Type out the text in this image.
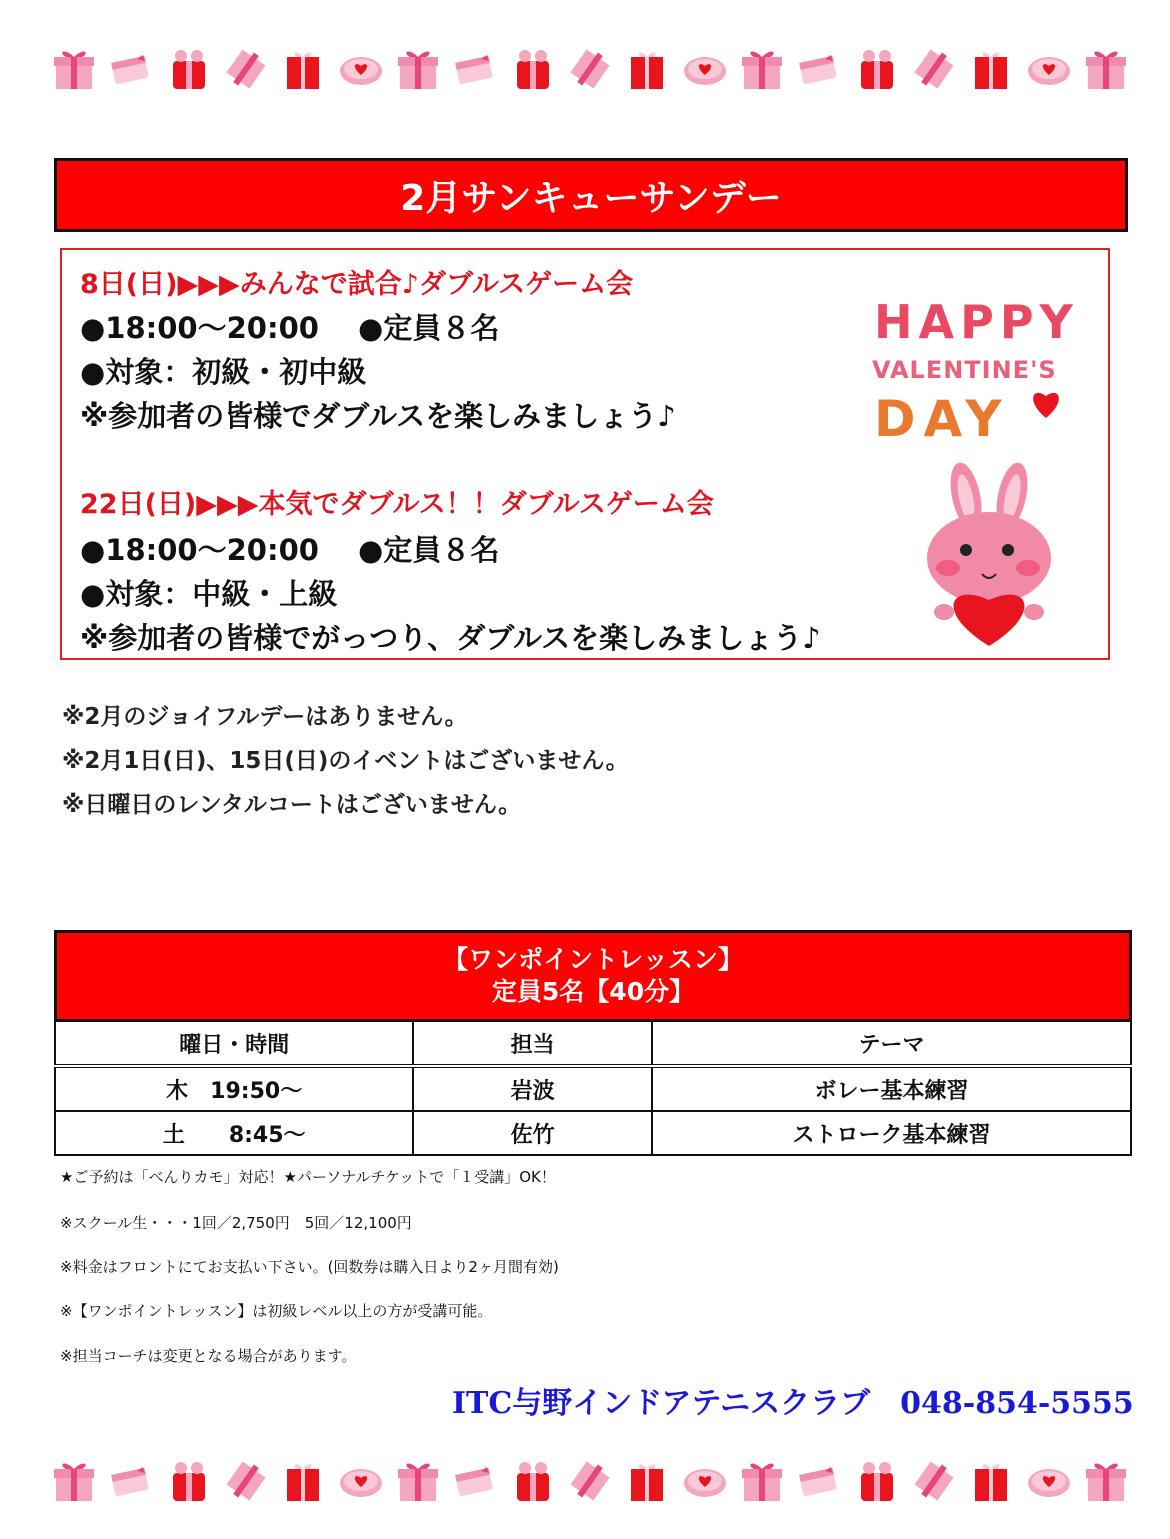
2月サンキューサンデー
8日(日)▶▶▶みんなで試合♪ダブルスゲーム会
●18:00～20:00　 ●定員８名
●対象：初級・初中級
※参加者の皆様でダブルスを楽しみましょう♪
22日(日)▶▶▶本気でダブルス！！ダブルスゲーム会
●18:00～20:00　 ●定員８名
●対象：中級・上級
※参加者の皆様でがっつり、ダブルスを楽しみましょう♪
HAPPY
VALENTINE'S
DAY
※2月のジョイフルデーはありません。
※2月1日(日)、15日(日)のイベントはございません。
※日曜日のレンタルコートはございません。
【ワンポイントレッスン】
定員5名【40分】
曜日・時間	担当	テーマ
木　19:50～	岩波	ボレー基本練習
土　　8:45～	佐竹	ストローク基本練習
★ご予約は「べんりカモ」対応！★パーソナルチケットで「１受講」OK！
※スクール生・・・1回／2,750円　5回／12,100円
※料金はフロントにてお支払い下さい。(回数券は購入日より2ヶ月間有効)
※【ワンポイントレッスン】は初級レベル以上の方が受講可能。
※担当コーチは変更となる場合があります。
ITC与野インドアテニスクラブ　048-854-5555
